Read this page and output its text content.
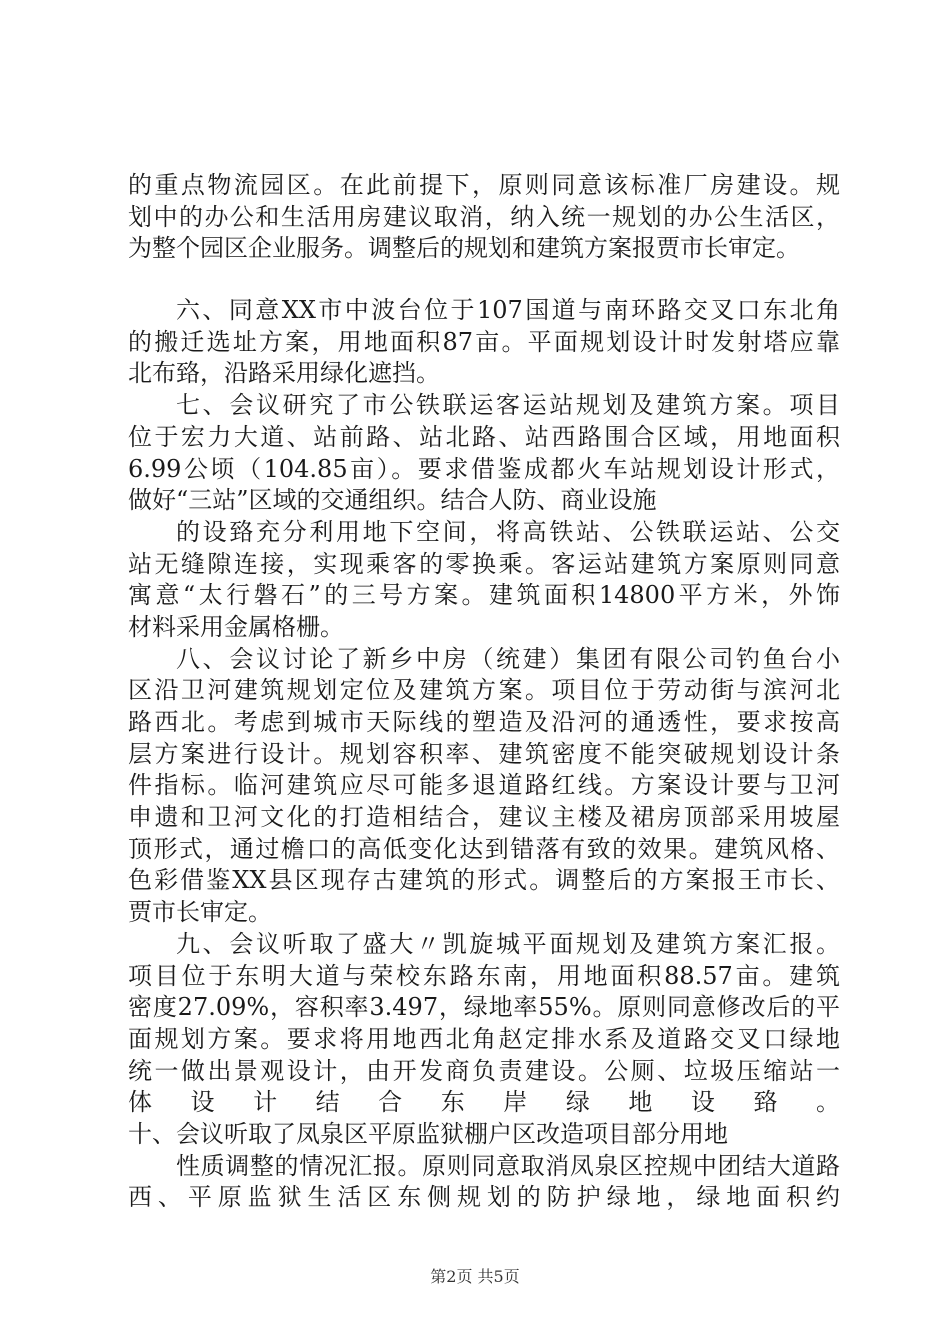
的重点物流园区。在此前提下，原则同意该标准厂房建设。规
划中的办公和生活用房建议取消，纳入统一规划的办公生活区，
为整个园区企业服务。调整后的规划和建筑方案报贾市长审定。
六、同意XX市中波台位于107国道与南环路交叉口东北角
的搬迁选址方案，用地面积87亩。平面规划设计时发射塔应靠
北布臵，沿路采用绿化遮挡。
七、会议研究了市公铁联运客运站规划及建筑方案。项目
位于宏力大道、站前路、站北路、站西路围合区域，用地面积
6.99公顷（104.85亩）。要求借鉴成都火车站规划设计形式，
做好“三站”区域的交通组织。结合人防、商业设施
的设臵充分利用地下空间，将高铁站、公铁联运站、公交
站无缝隙连接，实现乘客的零换乘。客运站建筑方案原则同意
寓意“太行磐石”的三号方案。建筑面积14800平方米，外饰
材料采用金属格栅。
八、会议讨论了新乡中房（统建）集团有限公司钓鱼台小
区沿卫河建筑规划定位及建筑方案。项目位于劳动街与滨河北
路西北。考虑到城市天际线的塑造及沿河的通透性，要求按高
层方案进行设计。规划容积率、建筑密度不能突破规划设计条
件指标。临河建筑应尽可能多退道路红线。方案设计要与卫河
申遗和卫河文化的打造相结合，建议主楼及裙房顶部采用坡屋
顶形式，通过檐口的高低变化达到错落有致的效果。建筑风格、
色彩借鉴XX县区现存古建筑的形式。调整后的方案报王市长、
贾市长审定。
九、会议听取了盛大〃凯旋城平面规划及建筑方案汇报。
项目位于东明大道与荣校东路东南，用地面积88.57亩。建筑
密度27.09%，容积率3.497，绿地率55%。原则同意修改后的平
面规划方案。要求将用地西北角赵定排水系及道路交叉口绿地
统一做出景观设计，由开发商负责建设。公厕、垃圾压缩站一
体设计结合东岸绿地设臵。
十、会议听取了凤泉区平原监狱棚户区改造项目部分用地
性质调整的情况汇报。原则同意取消凤泉区控规中团结大道路
西、平原监狱生活区东侧规划的防护绿地，绿地面积约
第2页 共5页
